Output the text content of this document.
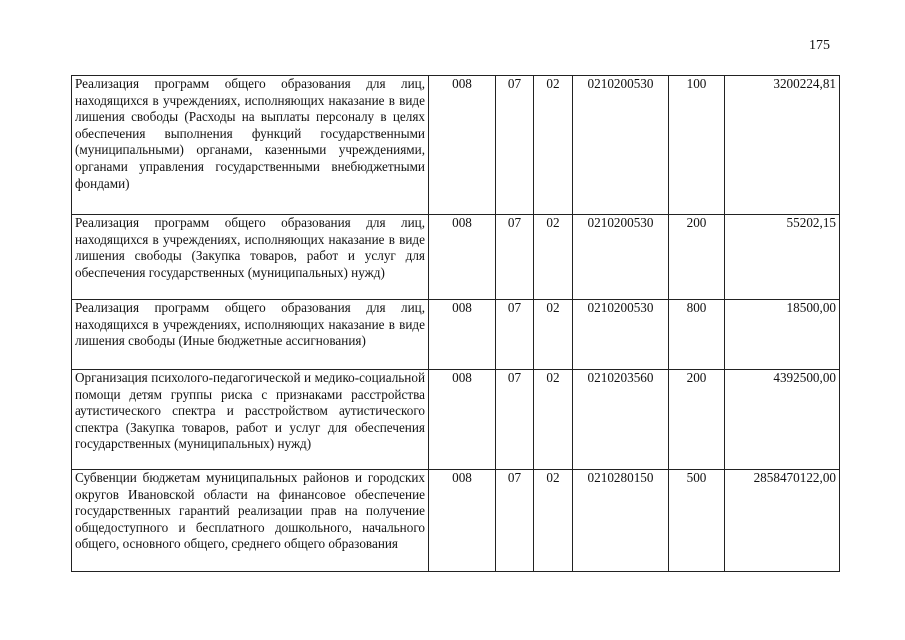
175
Реализация программ общего образования для лиц, находящихся в учреждениях, исполняющих наказание в виде лишения свободы (Расходы на выплаты персоналу в целях обеспечения выполнения функций государственными (муниципальными) органами, казенными учреждениями, органами управления государственными внебюджетными фондами)	008	07	02	0210200530	100	3200224,81
Реализация программ общего образования для лиц, находящихся в учреждениях, исполняющих наказание в виде лишения свободы (Закупка товаров, работ и услуг для обеспечения государственных (муниципальных) нужд)	008	07	02	0210200530	200	55202,15
Реализация программ общего образования для лиц, находящихся в учреждениях, исполняющих наказание в виде лишения свободы (Иные бюджетные ассигнования)	008	07	02	0210200530	800	18500,00
Организация психолого-педагогической и медико-социальной помощи детям группы риска с признаками расстройства аутистического спектра и расстройством аутистического спектра (Закупка товаров, работ и услуг для обеспечения государственных (муниципальных) нужд)	008	07	02	0210203560	200	4392500,00
Субвенции бюджетам муниципальных районов и городских округов Ивановской области на финансовое обеспечение государственных гарантий реализации прав на получение общедоступного и бесплатного дошкольного, начального общего, основного общего, среднего общего образования	008	07	02	0210280150	500	2858470122,00
